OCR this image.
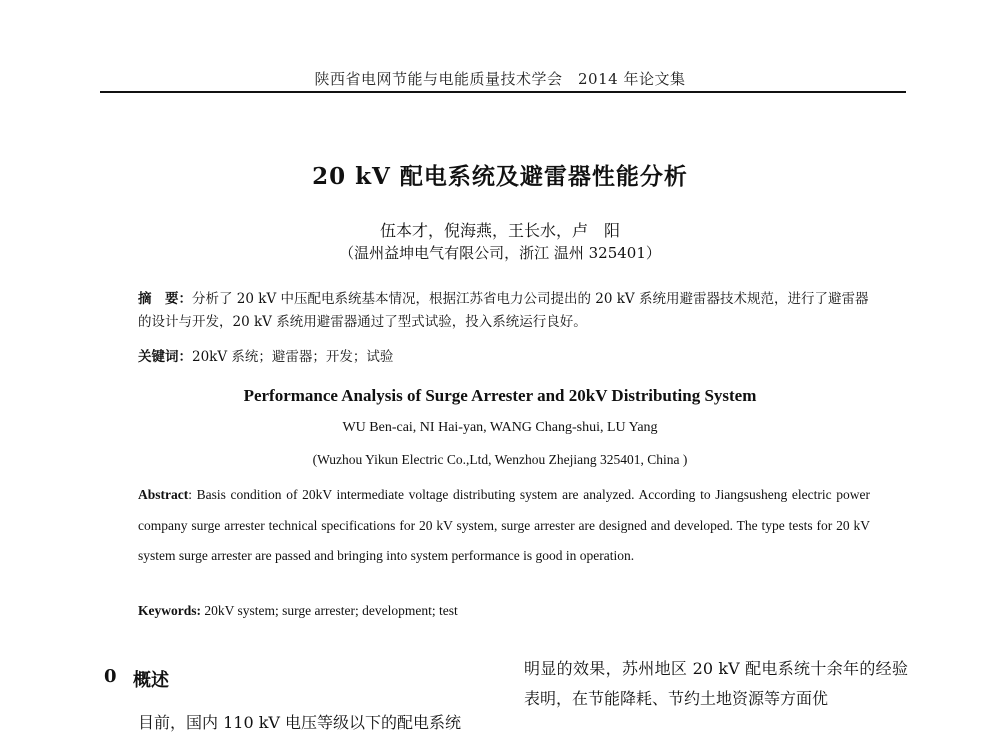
陕西省电网节能与电能质量技术学会　2014 年论文集
20 kV 配电系统及避雷器性能分析
伍本才，倪海燕，王长水，卢　阳
（温州益坤电气有限公司，浙江 温州 325401）
摘　要：分析了 20 kV 中压配电系统基本情况，根据江苏省电力公司提出的 20 kV 系统用避雷器技术规范，进行了避雷器的设计与开发，20 kV 系统用避雷器通过了型式试验，投入系统运行良好。
关键词：20kV 系统；避雷器；开发；试验
Performance Analysis of Surge Arrester and 20kV Distributing System
WU Ben-cai, NI Hai-yan, WANG Chang-shui, LU Yang
(Wuzhou Yikun Electric Co.,Ltd, Wenzhou Zhejiang 325401, China )
Abstract: Basis condition of 20kV intermediate voltage distributing system are analyzed. According to Jiangsusheng electric power company surge arrester technical specifications for 20 kV system, surge arrester are designed and developed. The type tests for 20 kV system surge arrester are passed and bringing into system performance is good in operation.
Keywords: 20kV system; surge arrester; development; test
0 概述
目前，国内 110 kV 电压等级以下的配电系统
明显的效果，苏州地区 20 kV 配电系统十余年的经验表明，在节能降耗、节约土地资源等方面优
